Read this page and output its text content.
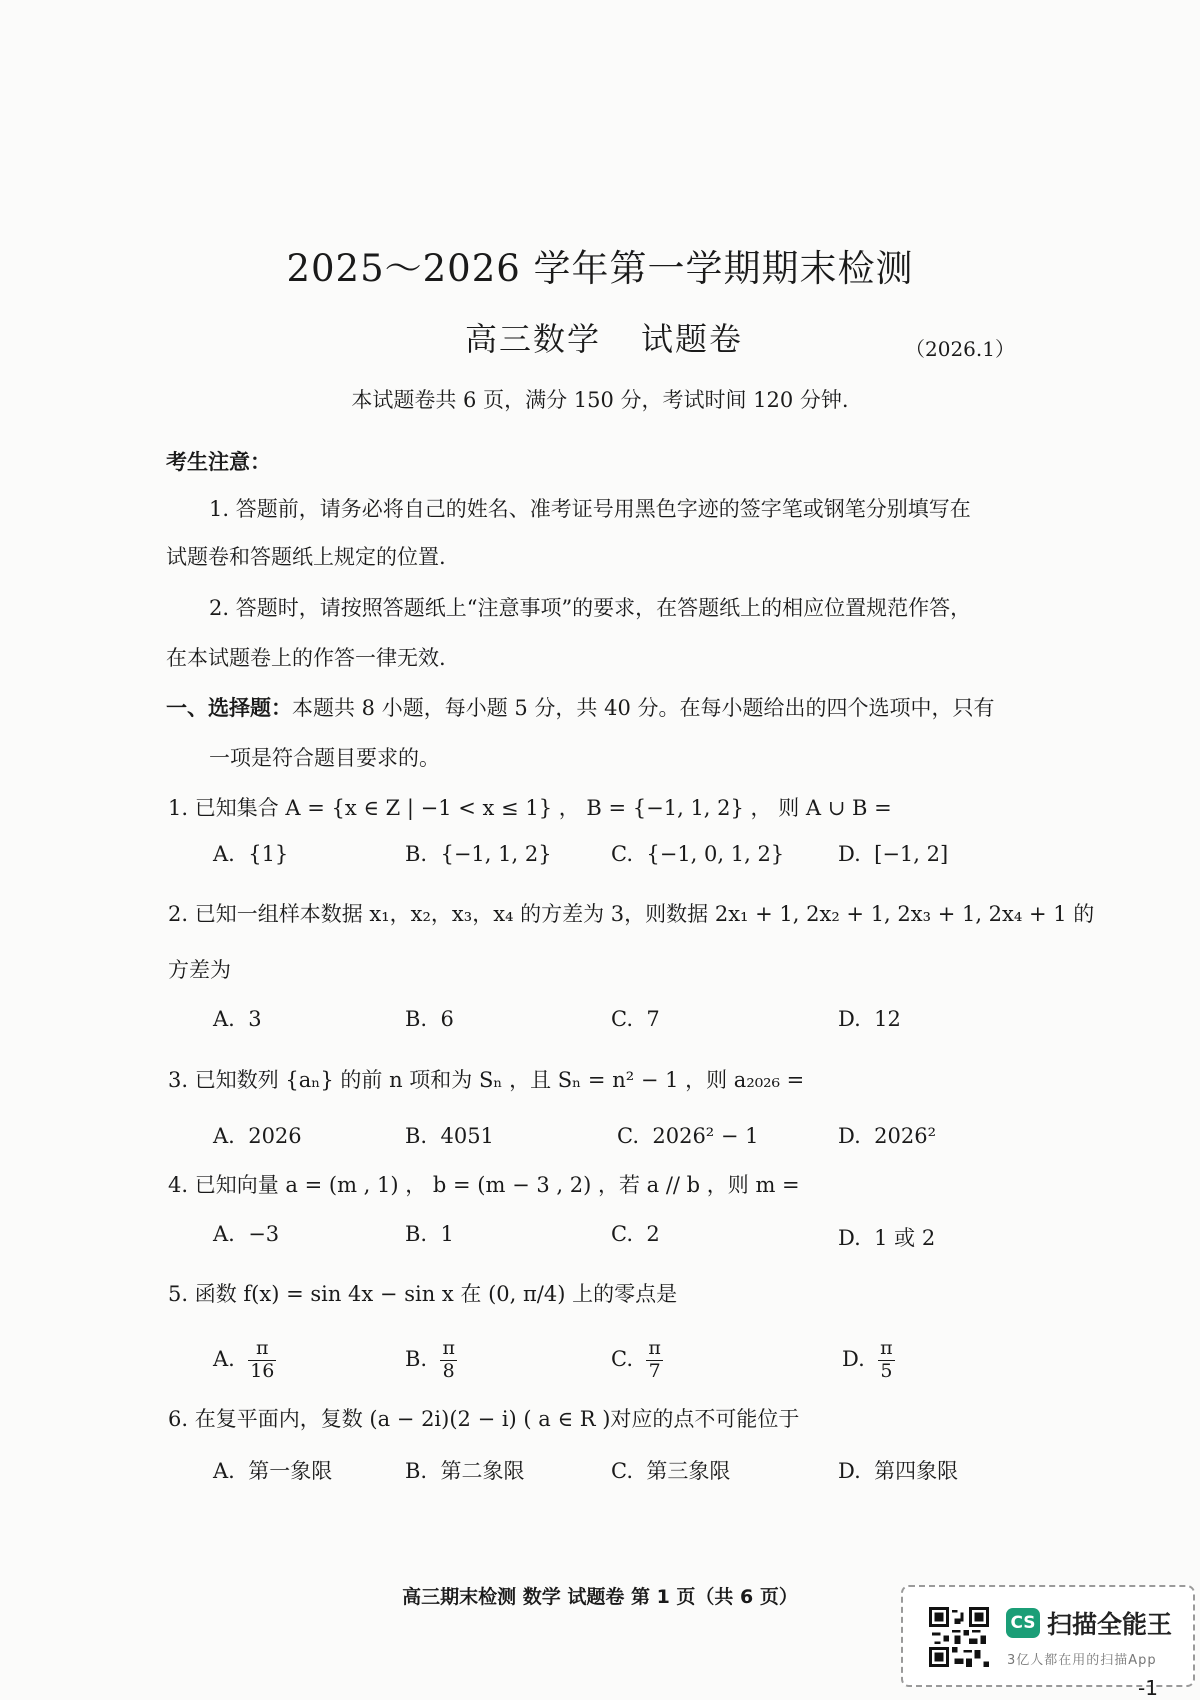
2025～2026 学年第一学期期末检测
高三数学 试题卷	（2026.1）
本试题卷共 6 页，满分 150 分，考试时间 120 分钟.
考生注意：
1. 答题前，请务必将自己的姓名、准考证号用黑色字迹的签字笔或钢笔分别填写在
试题卷和答题纸上规定的位置.
2. 答题时，请按照答题纸上“注意事项”的要求，在答题纸上的相应位置规范作答，
在本试题卷上的作答一律无效.
一、选择题：本题共 8 小题，每小题 5 分，共 40 分。在每小题给出的四个选项中，只有
一项是符合题目要求的。
1. 已知集合 A = {x ∈ Z | −1 < x ≤ 1} ， B = {−1, 1, 2} ， 则 A ∪ B =
A. {1}	B. {−1, 1, 2}	C. {−1, 0, 1, 2}	D. [−1, 2]
2. 已知一组样本数据 x₁，x₂，x₃，x₄ 的方差为 3，则数据 2x₁ + 1, 2x₂ + 1, 2x₃ + 1, 2x₄ + 1 的
方差为
A. 3	B. 6	C. 7	D. 12
3. 已知数列 {aₙ} 的前 n 项和为 Sₙ ，且 Sₙ = n² − 1 ，则 a₂₀₂₆ =
A. 2026	B. 4051	C. 2026² − 1	D. 2026²
4. 已知向量 a = (m , 1) ， b = (m − 3 , 2) ，若 a // b ，则 m =
A. −3	B. 1	C. 2	D. 1 或 2
5. 函数 f(x) = sin 4x − sin x 在 (0, π/4) 上的零点是
A. $\frac{\pi}{16}$	B. $\frac{\pi}{8}$	C. $\frac{\pi}{7}$	D. $\frac{\pi}{5}$
6. 在复平面内，复数 (a − 2i)(2 − i) ( a ∈ R )对应的点不可能位于
A. 第一象限	B. 第二象限	C. 第三象限	D. 第四象限
高三期末检测 数学 试题卷 第 1 页（共 6 页）
CS 扫描全能王
3亿人都在用的扫描App
-1
